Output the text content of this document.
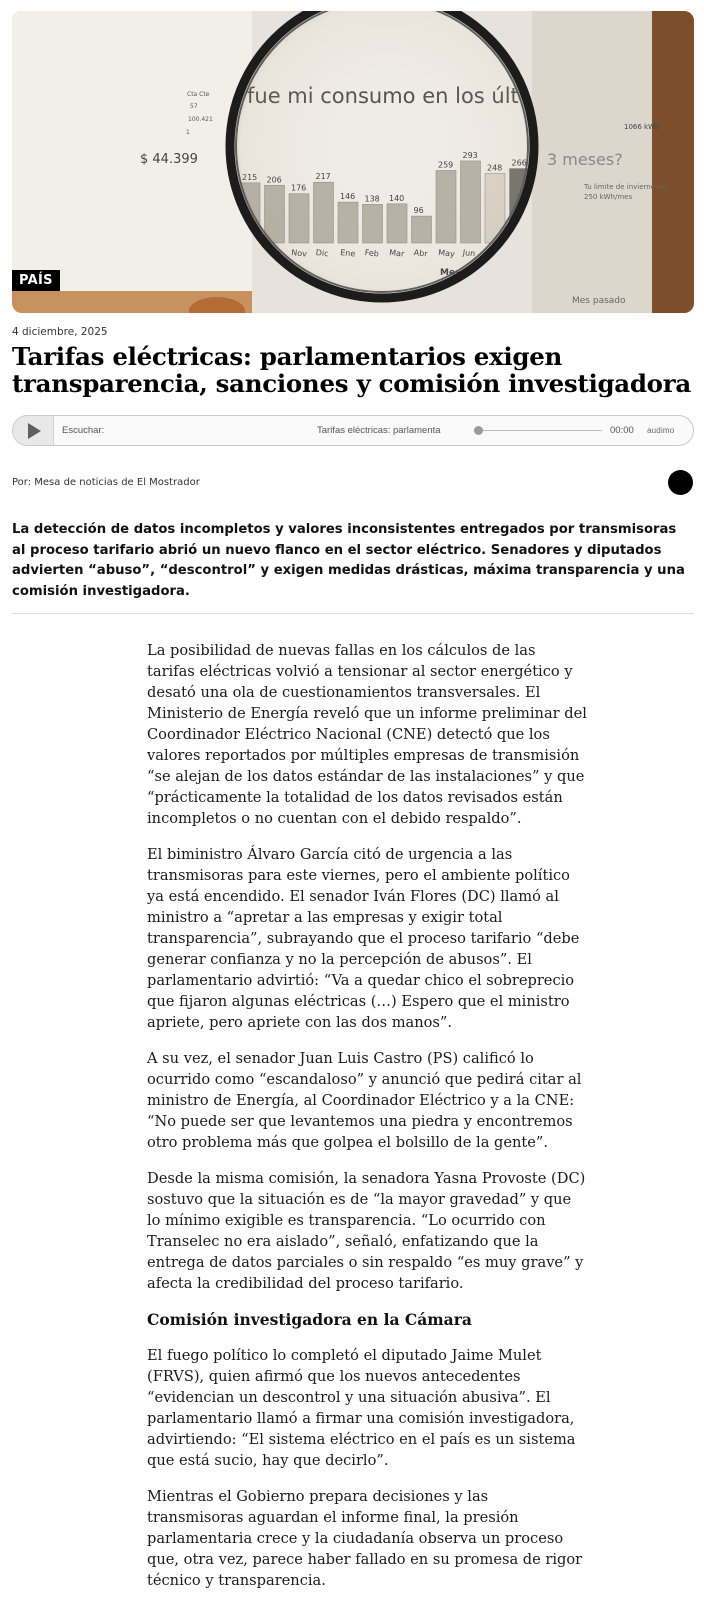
Cta Cte
57
100.421
1
$ 44.399
1066 kWh
3 meses?
Tu límite de invierno es:
250 kWh/mes
Mes pasado
PAÍS
4 diciembre, 2025
Tarifas eléctricas: parlamentarios exigen transparencia, sanciones y comisión investigadora
Escuchar:	Tarifas eléctricas: parlamenta	00:00 audimo
Por: Mesa de noticias de El Mostrador

La detección de datos incompletos y valores inconsistentes entregados por transmisoras al proceso tarifario abrió un nuevo flanco en el sector eléctrico. Senadores y diputados advierten “abuso”, “descontrol” y exigen medidas drásticas, máxima transparencia y una comisión investigadora.

La posibilidad de nuevas fallas en los cálculos de las tarifas eléctricas volvió a tensionar al sector energético y desató una ola de cuestionamientos transversales. El Ministerio de Energía reveló que un informe preliminar del Coordinador Eléctrico Nacional (CNE) detectó que los valores reportados por múltiples empresas de transmisión “se alejan de los datos estándar de las instalaciones” y que “prácticamente la totalidad de los datos revisados están incompletos o no cuentan con el debido respaldo”.

El biministro Álvaro García citó de urgencia a las transmisoras para este viernes, pero el ambiente político ya está encendido. El senador Iván Flores (DC) llamó al ministro a “apretar a las empresas y exigir total transparencia”, subrayando que el proceso tarifario “debe generar confianza y no la percepción de abusos”. El parlamentario advirtió: “Va a quedar chico el sobreprecio que fijaron algunas eléctricas (…) Espero que el ministro apriete, pero apriete con las dos manos”.

A su vez, el senador Juan Luis Castro (PS) calificó lo ocurrido como “escandaloso” y anunció que pedirá citar al ministro de Energía, al Coordinador Eléctrico y a la CNE: “No puede ser que levantemos una piedra y encontremos otro problema más que golpea el bolsillo de la gente”.

Desde la misma comisión, la senadora Yasna Provoste (DC) sostuvo que la situación es de “la mayor gravedad” y que lo mínimo exigible es transparencia. “Lo ocurrido con Transelec no era aislado”, señaló, enfatizando que la entrega de datos parciales o sin respaldo “es muy grave” y afecta la credibilidad del proceso tarifario.

Comisión investigadora en la Cámara

El fuego político lo completó el diputado Jaime Mulet (FRVS), quien afirmó que los nuevos antecedentes “evidencian un descontrol y una situación abusiva”. El parlamentario llamó a firmar una comisión investigadora, advirtiendo: “El sistema eléctrico en el país es un sistema que está sucio, hay que decirlo”.

Mientras el Gobierno prepara decisiones y las transmisoras aguardan el informe final, la presión parlamentaria crece y la ciudadanía observa un proceso que, otra vez, parece haber fallado en su promesa de rigor técnico y transparencia.
